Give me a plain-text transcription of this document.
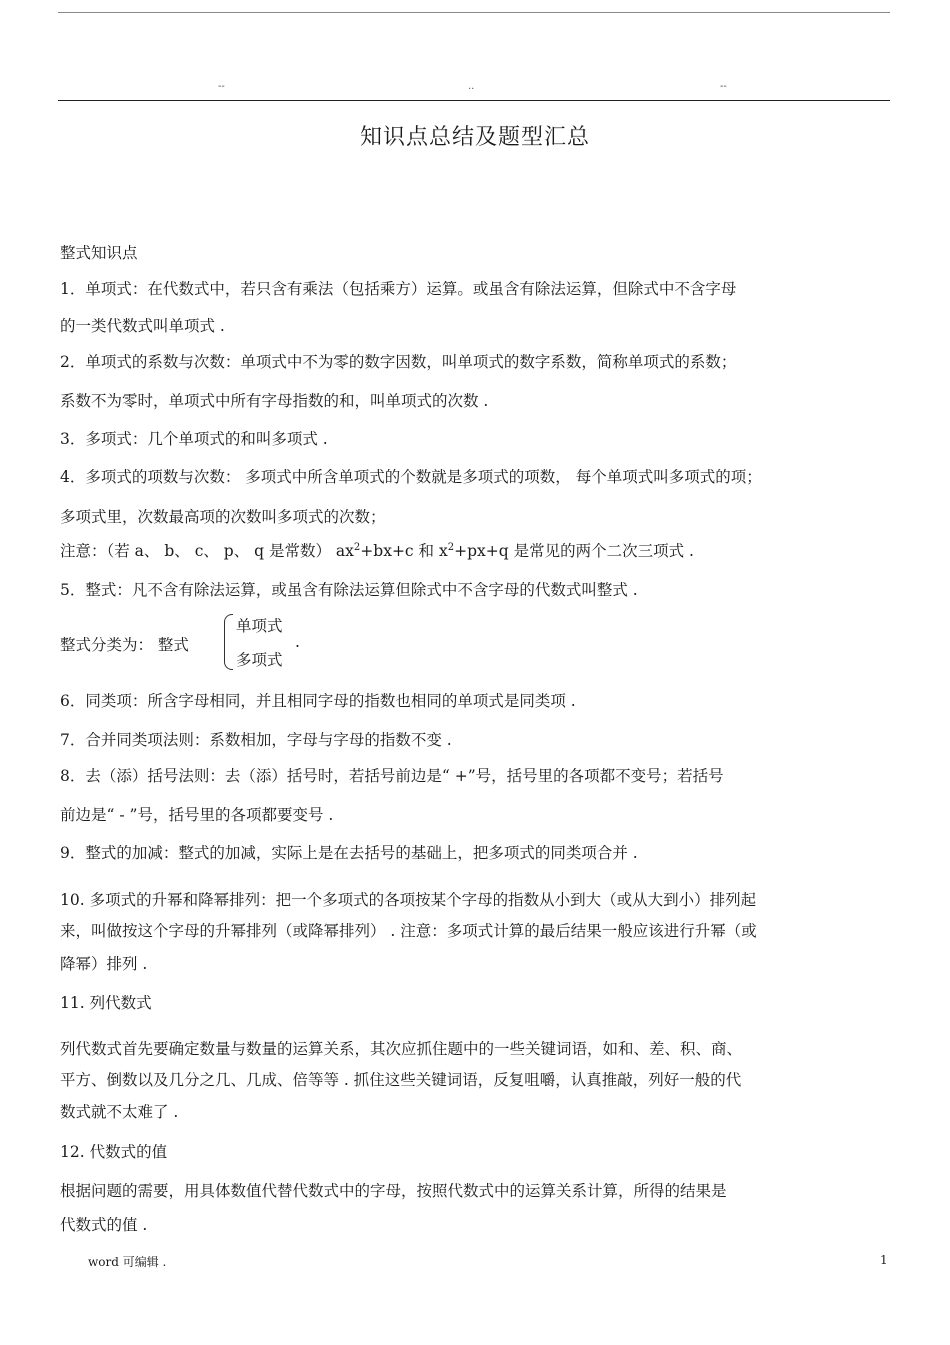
--	..	--
知识点总结及题型汇总
整式知识点
1．单项式：在代数式中，若只含有乘法（包括乘方）运算。或虽含有除法运算，但除式中不含字母
的一类代数式叫单项式 .
2．单项式的系数与次数：单项式中不为零的数字因数，叫单项式的数字系数，简称单项式的系数；
系数不为零时，单项式中所有字母指数的和，叫单项式的次数 .
3．多项式：几个单项式的和叫多项式 .
4．多项式的项数与次数： 多项式中所含单项式的个数就是多项式的项数， 每个单项式叫多项式的项；
多项式里，次数最高项的次数叫多项式的次数；
注意：（若 a、 b、 c、 p、 q 是常数） $ax^2+bx+c$ 和 $x^2+px+q$ 是常见的两个二次三项式 .
5．整式：凡不含有除法运算，或虽含有除法运算但除式中不含字母的代数式叫整式 .
整式分类为： 整式
单项式
多项式
.
6．同类项：所含字母相同，并且相同字母的指数也相同的单项式是同类项 .
7．合并同类项法则：系数相加，字母与字母的指数不变 .
8．去（添）括号法则：去（添）括号时，若括号前边是“ +”号，括号里的各项都不变号；若括号
前边是“ - ”号，括号里的各项都要变号 .
9．整式的加减：整式的加减，实际上是在去括号的基础上，把多项式的同类项合并 .
10. 多项式的升幂和降幂排列：把一个多项式的各项按某个字母的指数从小到大（或从大到小）排列起
来，叫做按这个字母的升幂排列（或降幂排列） . 注意：多项式计算的最后结果一般应该进行升幂（或
降幂）排列 .
11. 列代数式
列代数式首先要确定数量与数量的运算关系，其次应抓住题中的一些关键词语，如和、差、积、商、
平方、倒数以及几分之几、几成、倍等等 . 抓住这些关键词语，反复咀嚼，认真推敲，列好一般的代
数式就不太难了 .
12. 代数式的值
根据问题的需要，用具体数值代替代数式中的字母，按照代数式中的运算关系计算，所得的结果是
代数式的值 .
word 可编辑 .	1
